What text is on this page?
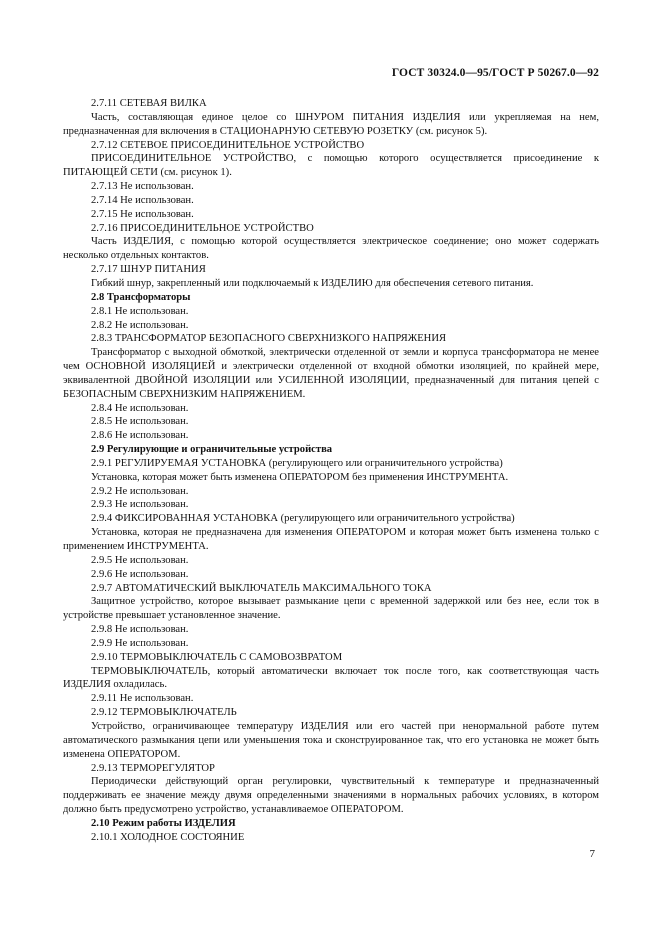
ГОСТ 30324.0—95/ГОСТ Р 50267.0—92

2.7.11 СЕТЕВАЯ ВИЛКА

Часть, составляющая единое целое со ШНУРОМ ПИТАНИЯ ИЗДЕЛИЯ или укрепляемая на нем, предназначенная для включения в СТАЦИОНАРНУЮ СЕТЕВУЮ РОЗЕТКУ (см. рисунок 5).

2.7.12 СЕТЕВОЕ ПРИСОЕДИНИТЕЛЬНОЕ УСТРОЙСТВО

ПРИСОЕДИНИТЕЛЬНОЕ УСТРОЙСТВО, с помощью которого осуществляется присоединение к ПИТАЮЩЕЙ СЕТИ (см. рисунок 1).

2.7.13 Не использован.

2.7.14 Не использован.

2.7.15 Не использован.

2.7.16 ПРИСОЕДИНИТЕЛЬНОЕ УСТРОЙСТВО

Часть ИЗДЕЛИЯ, с помощью которой осуществляется электрическое соединение; оно может содержать несколько отдельных контактов.

2.7.17 ШНУР ПИТАНИЯ

Гибкий шнур, закрепленный или подключаемый к ИЗДЕЛИЮ для обеспечения сетевого питания.

2.8 Трансформаторы

2.8.1 Не использован.

2.8.2 Не использован.

2.8.3 ТРАНСФОРМАТОР БЕЗОПАСНОГО СВЕРХНИЗКОГО НАПРЯЖЕНИЯ

Трансформатор с выходной обмоткой, электрически отделенной от земли и корпуса трансформатора не менее чем ОСНОВНОЙ ИЗОЛЯЦИЕЙ и электрически отделенной от входной обмотки изоляцией, по крайней мере, эквивалентной ДВОЙНОЙ ИЗОЛЯЦИИ или УСИЛЕННОЙ ИЗОЛЯЦИИ, предназначенный для питания цепей с БЕЗОПАСНЫМ СВЕРХНИЗКИМ НАПРЯЖЕНИЕМ.

2.8.4 Не использован.

2.8.5 Не использован.

2.8.6 Не использован.

2.9 Регулирующие и ограничительные устройства

2.9.1 РЕГУЛИРУЕМАЯ УСТАНОВКА (регулирующего или ограничительного устройства)

Установка, которая может быть изменена ОПЕРАТОРОМ без применения ИНСТРУМЕНТА.

2.9.2 Не использован.

2.9.3 Не использован.

2.9.4 ФИКСИРОВАННАЯ УСТАНОВКА (регулирующего или ограничительного устройства)

Установка, которая не предназначена для изменения ОПЕРАТОРОМ и которая может быть изменена только с применением ИНСТРУМЕНТА.

2.9.5 Не использован.

2.9.6 Не использован.

2.9.7 АВТОМАТИЧЕСКИЙ ВЫКЛЮЧАТЕЛЬ МАКСИМАЛЬНОГО ТОКА

Защитное устройство, которое вызывает размыкание цепи с временной задержкой или без нее, если ток в устройстве превышает установленное значение.

2.9.8 Не использован.

2.9.9 Не использован.

2.9.10 ТЕРМОВЫКЛЮЧАТЕЛЬ С САМОВОЗВРАТОМ

ТЕРМОВЫКЛЮЧАТЕЛЬ, который автоматически включает ток после того, как соответствующая часть ИЗДЕЛИЯ охладилась.

2.9.11 Не использован.

2.9.12 ТЕРМОВЫКЛЮЧАТЕЛЬ

Устройство, ограничивающее температуру ИЗДЕЛИЯ или его частей при ненормальной работе путем автоматического размыкания цепи или уменьшения тока и сконструированное так, что его установка не может быть изменена ОПЕРАТОРОМ.

2.9.13 ТЕРМОРЕГУЛЯТОР

Периодически действующий орган регулировки, чувствительный к температуре и предназначенный поддерживать ее значение между двумя определенными значениями в нормальных рабочих условиях, в котором должно быть предусмотрено устройство, устанавливаемое ОПЕРАТОРОМ.

2.10 Режим работы ИЗДЕЛИЯ

2.10.1 ХОЛОДНОЕ СОСТОЯНИЕ

7
